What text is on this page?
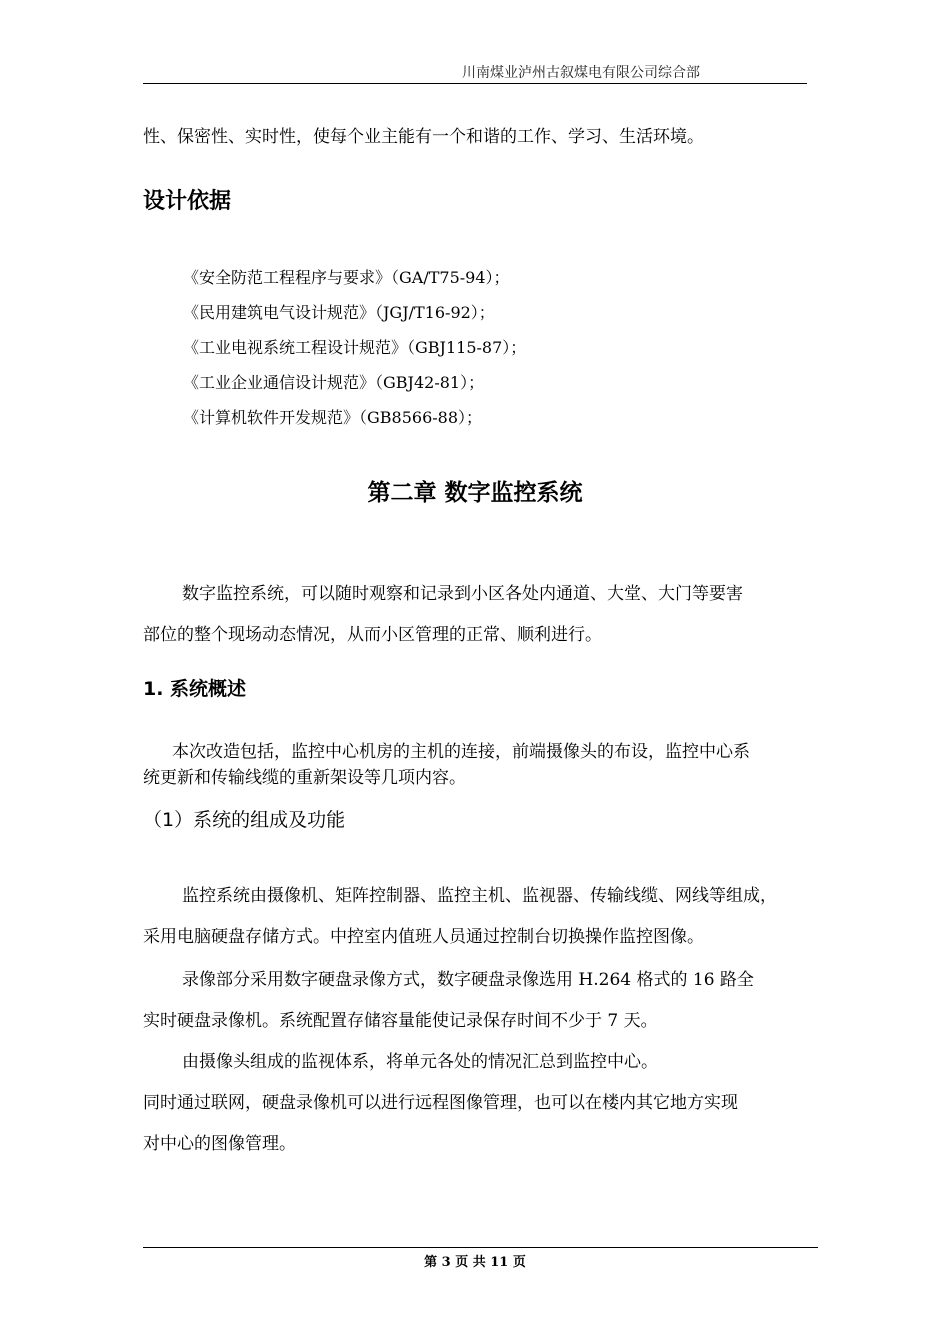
川南煤业泸州古叙煤电有限公司综合部
性、保密性、实时性，使每个业主能有一个和谐的工作、学习、生活环境。
设计依据
《安全防范工程程序与要求》（GA/T75-94）；
《民用建筑电气设计规范》（JGJ/T16-92）；
《工业电视系统工程设计规范》（GBJ115-87）；
《工业企业通信设计规范》（GBJ42-81）；
《计算机软件开发规范》（GB8566-88）；
第二章 数字监控系统
数字监控系统，可以随时观察和记录到小区各处内通道、大堂、大门等要害
部位的整个现场动态情况，从而小区管理的正常、顺利进行。
1. 系统概述
本次改造包括，监控中心机房的主机的连接，前端摄像头的布设，监控中心系
统更新和传输线缆的重新架设等几项内容。
（1）系统的组成及功能
监控系统由摄像机、矩阵控制器、监控主机、监视器、传输线缆、网线等组成，
采用电脑硬盘存储方式。中控室内值班人员通过控制台切换操作监控图像。
录像部分采用数字硬盘录像方式，数字硬盘录像选用 H.264 格式的 16 路全
实时硬盘录像机。系统配置存储容量能使记录保存时间不少于 7 天。
由摄像头组成的监视体系，将单元各处的情况汇总到监控中心。
同时通过联网，硬盘录像机可以进行远程图像管理，也可以在楼内其它地方实现
对中心的图像管理。
第 3 页 共 11 页
